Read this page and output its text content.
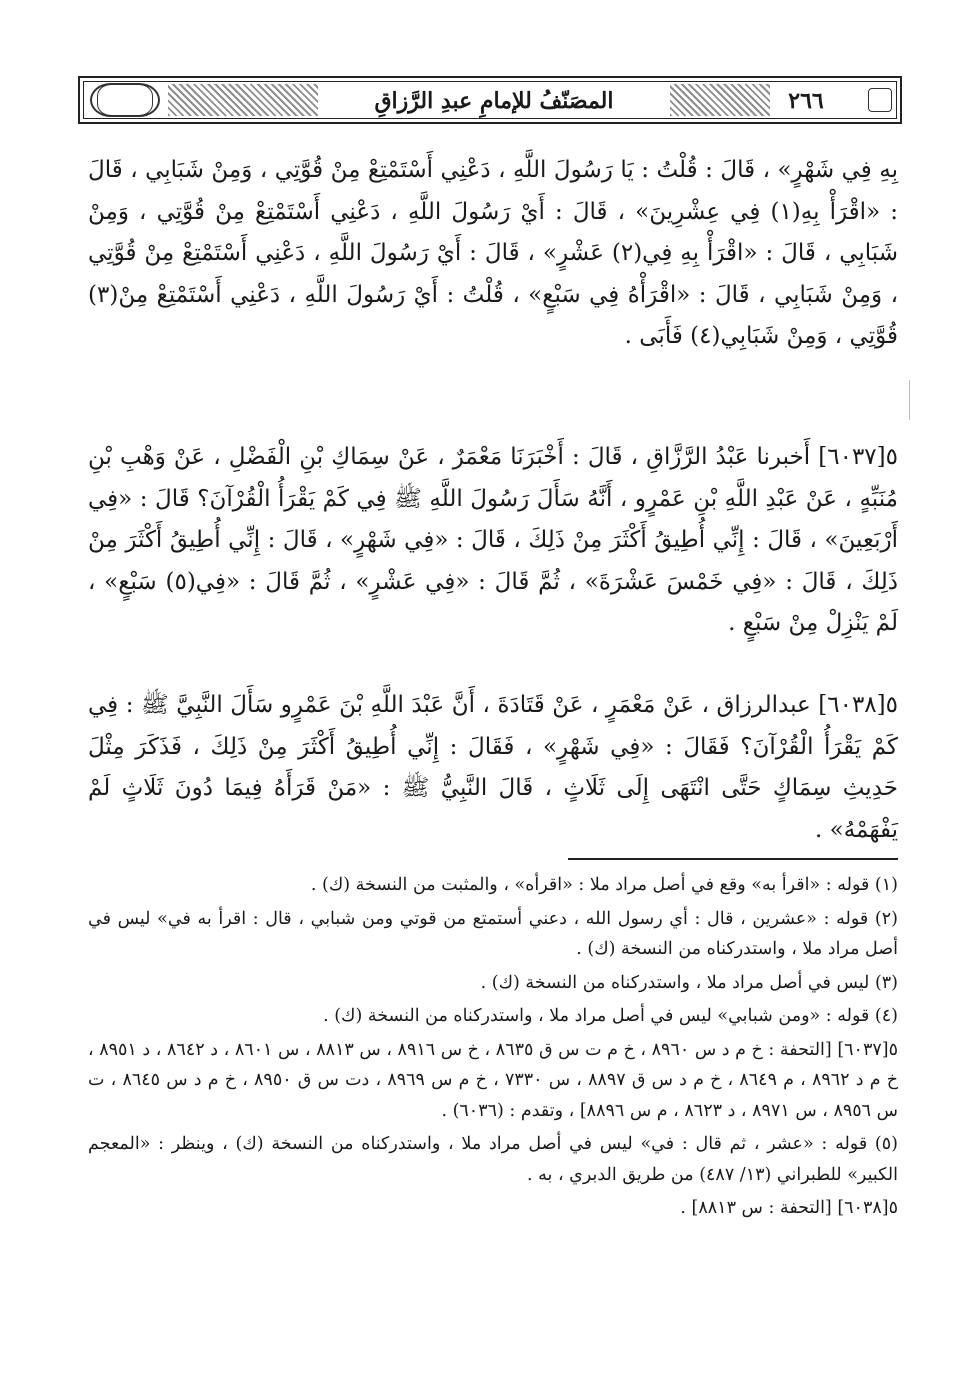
المصَنّفُ للإمامِ عبدِ الرَّزاقِ	٢٦٦
بِهِ فِي شَهْرٍ» ، قَالَ : قُلْتُ : يَا رَسُولَ اللَّهِ ، دَعْنِي أَسْتَمْتِعْ مِنْ قُوَّتِي ، وَمِنْ شَبَابِي ، قَالَ : «اقْرَأْ بِهِ(١) فِي عِشْرِينَ» ، قَالَ : أَيْ رَسُولَ اللَّهِ ، دَعْنِي أَسْتَمْتِعْ مِنْ قُوَّتِي ، وَمِنْ شَبَابِي ، قَالَ : «اقْرَأْ بِهِ فِي(٢) عَشْرٍ» ، قَالَ : أَيْ رَسُولَ اللَّهِ ، دَعْنِي أَسْتَمْتِعْ مِنْ قُوَّتِي ، وَمِنْ شَبَابِي ، قَالَ : «اقْرَأْهُ فِي سَبْعٍ» ، قُلْتُ : أَيْ رَسُولَ اللَّهِ ، دَعْنِي أَسْتَمْتِعْ مِنْ(٣) قُوَّتِي ، وَمِنْ شَبَابِي(٤) فَأَبَى .
٥[٦٠٣٧] أَخبرنا عَبْدُ الرَّزَّاقِ ، قَالَ : أَخْبَرَنَا مَعْمَرٌ ، عَنْ سِمَاكِ بْنِ الْفَضْلِ ، عَنْ وَهْبِ بْنِ مُنَبِّهٍ ، عَنْ عَبْدِ اللَّهِ بْنِ عَمْرٍو ، أَنَّهُ سَأَلَ رَسُولَ اللَّهِ ﷺ فِي كَمْ يَقْرَأُ الْقُرْآنَ؟ قَالَ : «فِي أَرْبَعِينَ» ، قَالَ : إِنِّي أُطِيقُ أَكْثَرَ مِنْ ذَلِكَ ، قَالَ : «فِي شَهْرٍ» ، قَالَ : إِنِّي أُطِيقُ أَكْثَرَ مِنْ ذَلِكَ ، قَالَ : «فِي خَمْسَ عَشْرَةَ» ، ثُمَّ قَالَ : «فِي عَشْرٍ» ، ثُمَّ قَالَ : «فِي(٥) سَبْعٍ» ، لَمْ يَنْزِلْ مِنْ سَبْعٍ .
٥[٦٠٣٨] عبدالرزاق ، عَنْ مَعْمَرٍ ، عَنْ قَتَادَةَ ، أَنَّ عَبْدَ اللَّهِ بْنَ عَمْرٍو سَأَلَ النَّبِيَّ ﷺ : فِي كَمْ يَقْرَأُ الْقُرْآنَ؟ فَقَالَ : «فِي شَهْرٍ» ، فَقَالَ : إِنِّي أُطِيقُ أَكْثَرَ مِنْ ذَلِكَ ، فَذَكَرَ مِثْلَ حَدِيثِ سِمَاكٍ حَتَّى انْتَهَى إِلَى ثَلَاثٍ ، قَالَ النَّبِيُّ ﷺ : «مَنْ قَرَأَهُ فِيمَا دُونَ ثَلَاثٍ لَمْ يَفْهَمْهُ» .

(١) قوله : «اقرأ به» وقع في أصل مراد ملا : «اقرأه» ، والمثبت من النسخة (ك) .

(٢) قوله : «عشرين ، قال : أي رسول الله ، دعني أستمتع من قوتي ومن شبابي ، قال : اقرأ به في» ليس في أصل مراد ملا ، واستدركناه من النسخة (ك) .

(٣) ليس في أصل مراد ملا ، واستدركناه من النسخة (ك) .

(٤) قوله : «ومن شبابي» ليس في أصل مراد ملا ، واستدركناه من النسخة (ك) .

٥[٦٠٣٧] [التحفة : خ م د س ٨٩٦٠ ، خ م ت س ق ٨٦٣٥ ، خ س ٨٩١٦ ، س ٨٨١٣ ، س ٨٦٠١ ، د ٨٦٤٢ ، د ٨٩٥١ ، خ م د ٨٩٦٢ ، م ٨٦٤٩ ، خ م د س ق ٨٨٩٧ ، س ٧٣٣٠ ، خ م س ٨٩٦٩ ، دت س ق ٨٩٥٠ ، خ م د س ٨٦٤٥ ، ت س ٨٩٥٦ ، س ٨٩٧١ ، د ٨٦٢٣ ، م س ٨٨٩٦] ، وتقدم : (٦٠٣٦) .

(٥) قوله : «عشر ، ثم قال : في» ليس في أصل مراد ملا ، واستدركناه من النسخة (ك) ، وينظر : «المعجم الكبير» للطبراني (١٣/ ٤٨٧) من طريق الدبري ، به .

٥[٦٠٣٨] [التحفة : س ٨٨١٣] .
